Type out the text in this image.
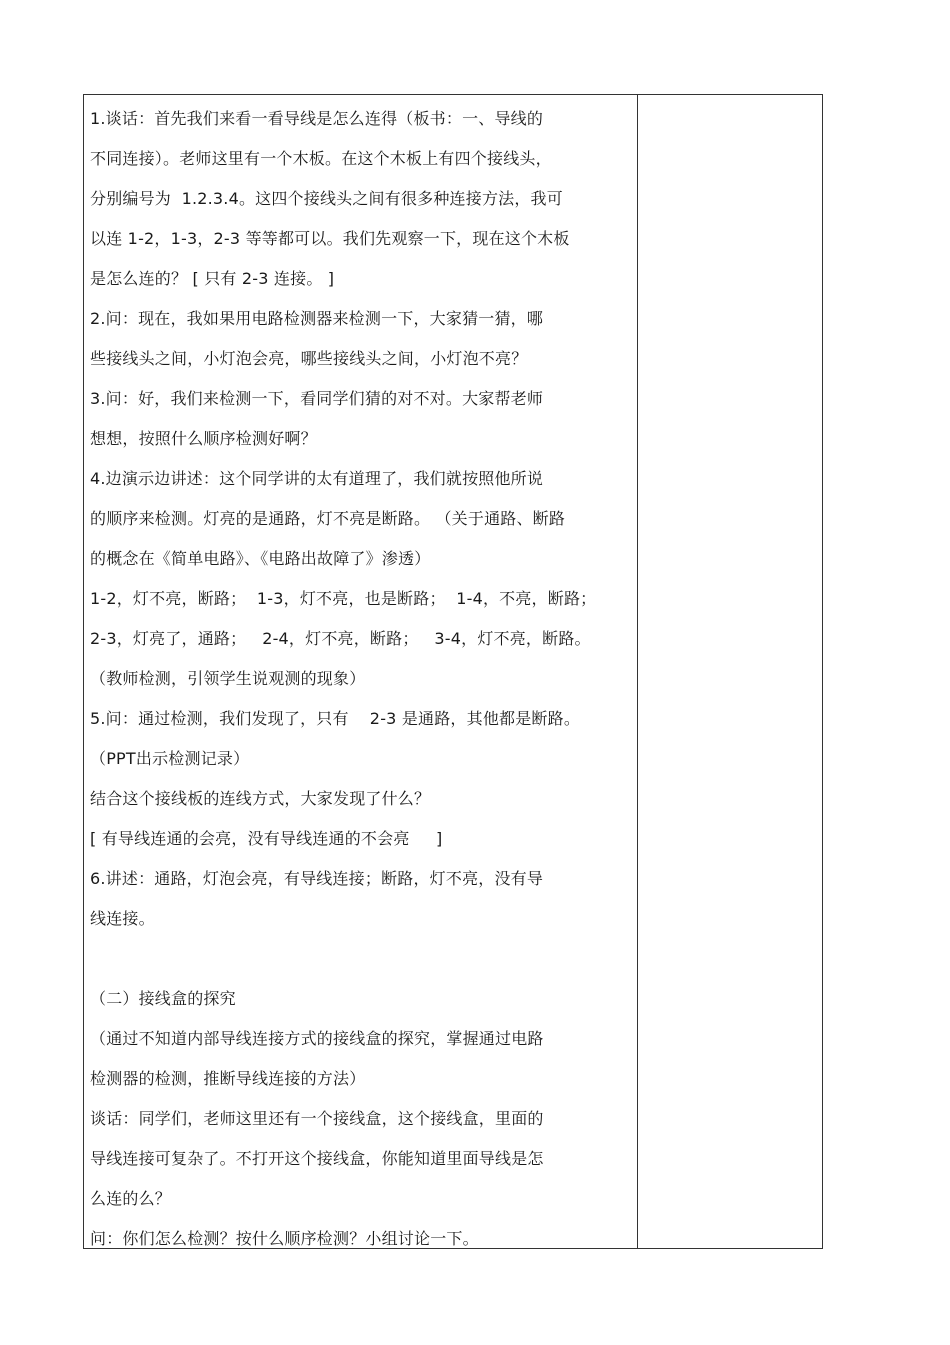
1.谈话：首先我们来看一看导线是怎么连得（板书：一、导线的
不同连接）。老师这里有一个木板。在这个木板上有四个接线头，
分别编号为  1.2.3.4。这四个接线头之间有很多种连接方法，我可
以连 1-2，1-3，2-3 等等都可以。我们先观察一下，现在这个木板
是怎么连的？ [ 只有 2-3 连接。 ]
2.问：现在，我如果用电路检测器来检测一下，大家猜一猜，哪
些接线头之间，小灯泡会亮，哪些接线头之间，小灯泡不亮？
3.问：好，我们来检测一下，看同学们猜的对不对。大家帮老师
想想，按照什么顺序检测好啊？
4.边演示边讲述：这个同学讲的太有道理了，我们就按照他所说
的顺序来检测。灯亮的是通路，灯不亮是断路。 （关于通路、断路
的概念在《简单电路》、《电路出故障了》渗透）
1-2，灯不亮，断路；  1-3，灯不亮，也是断路；  1-4，不亮，断路；
2-3，灯亮了，通路；   2-4，灯不亮，断路；   3-4，灯不亮，断路。
（教师检测，引领学生说观测的现象）
5.问：通过检测，我们发现了，只有    2-3 是通路，其他都是断路。
（PPT出示检测记录）
结合这个接线板的连线方式，大家发现了什么？
[ 有导线连通的会亮，没有导线连通的不会亮     ]
6.讲述：通路，灯泡会亮，有导线连接；断路，灯不亮，没有导
线连接。
（二）接线盒的探究
（通过不知道内部导线连接方式的接线盒的探究，掌握通过电路
检测器的检测，推断导线连接的方法）
谈话：同学们，老师这里还有一个接线盒，这个接线盒，里面的
导线连接可复杂了。不打开这个接线盒，你能知道里面导线是怎
么连的么？
问：你们怎么检测？按什么顺序检测？小组讨论一下。
